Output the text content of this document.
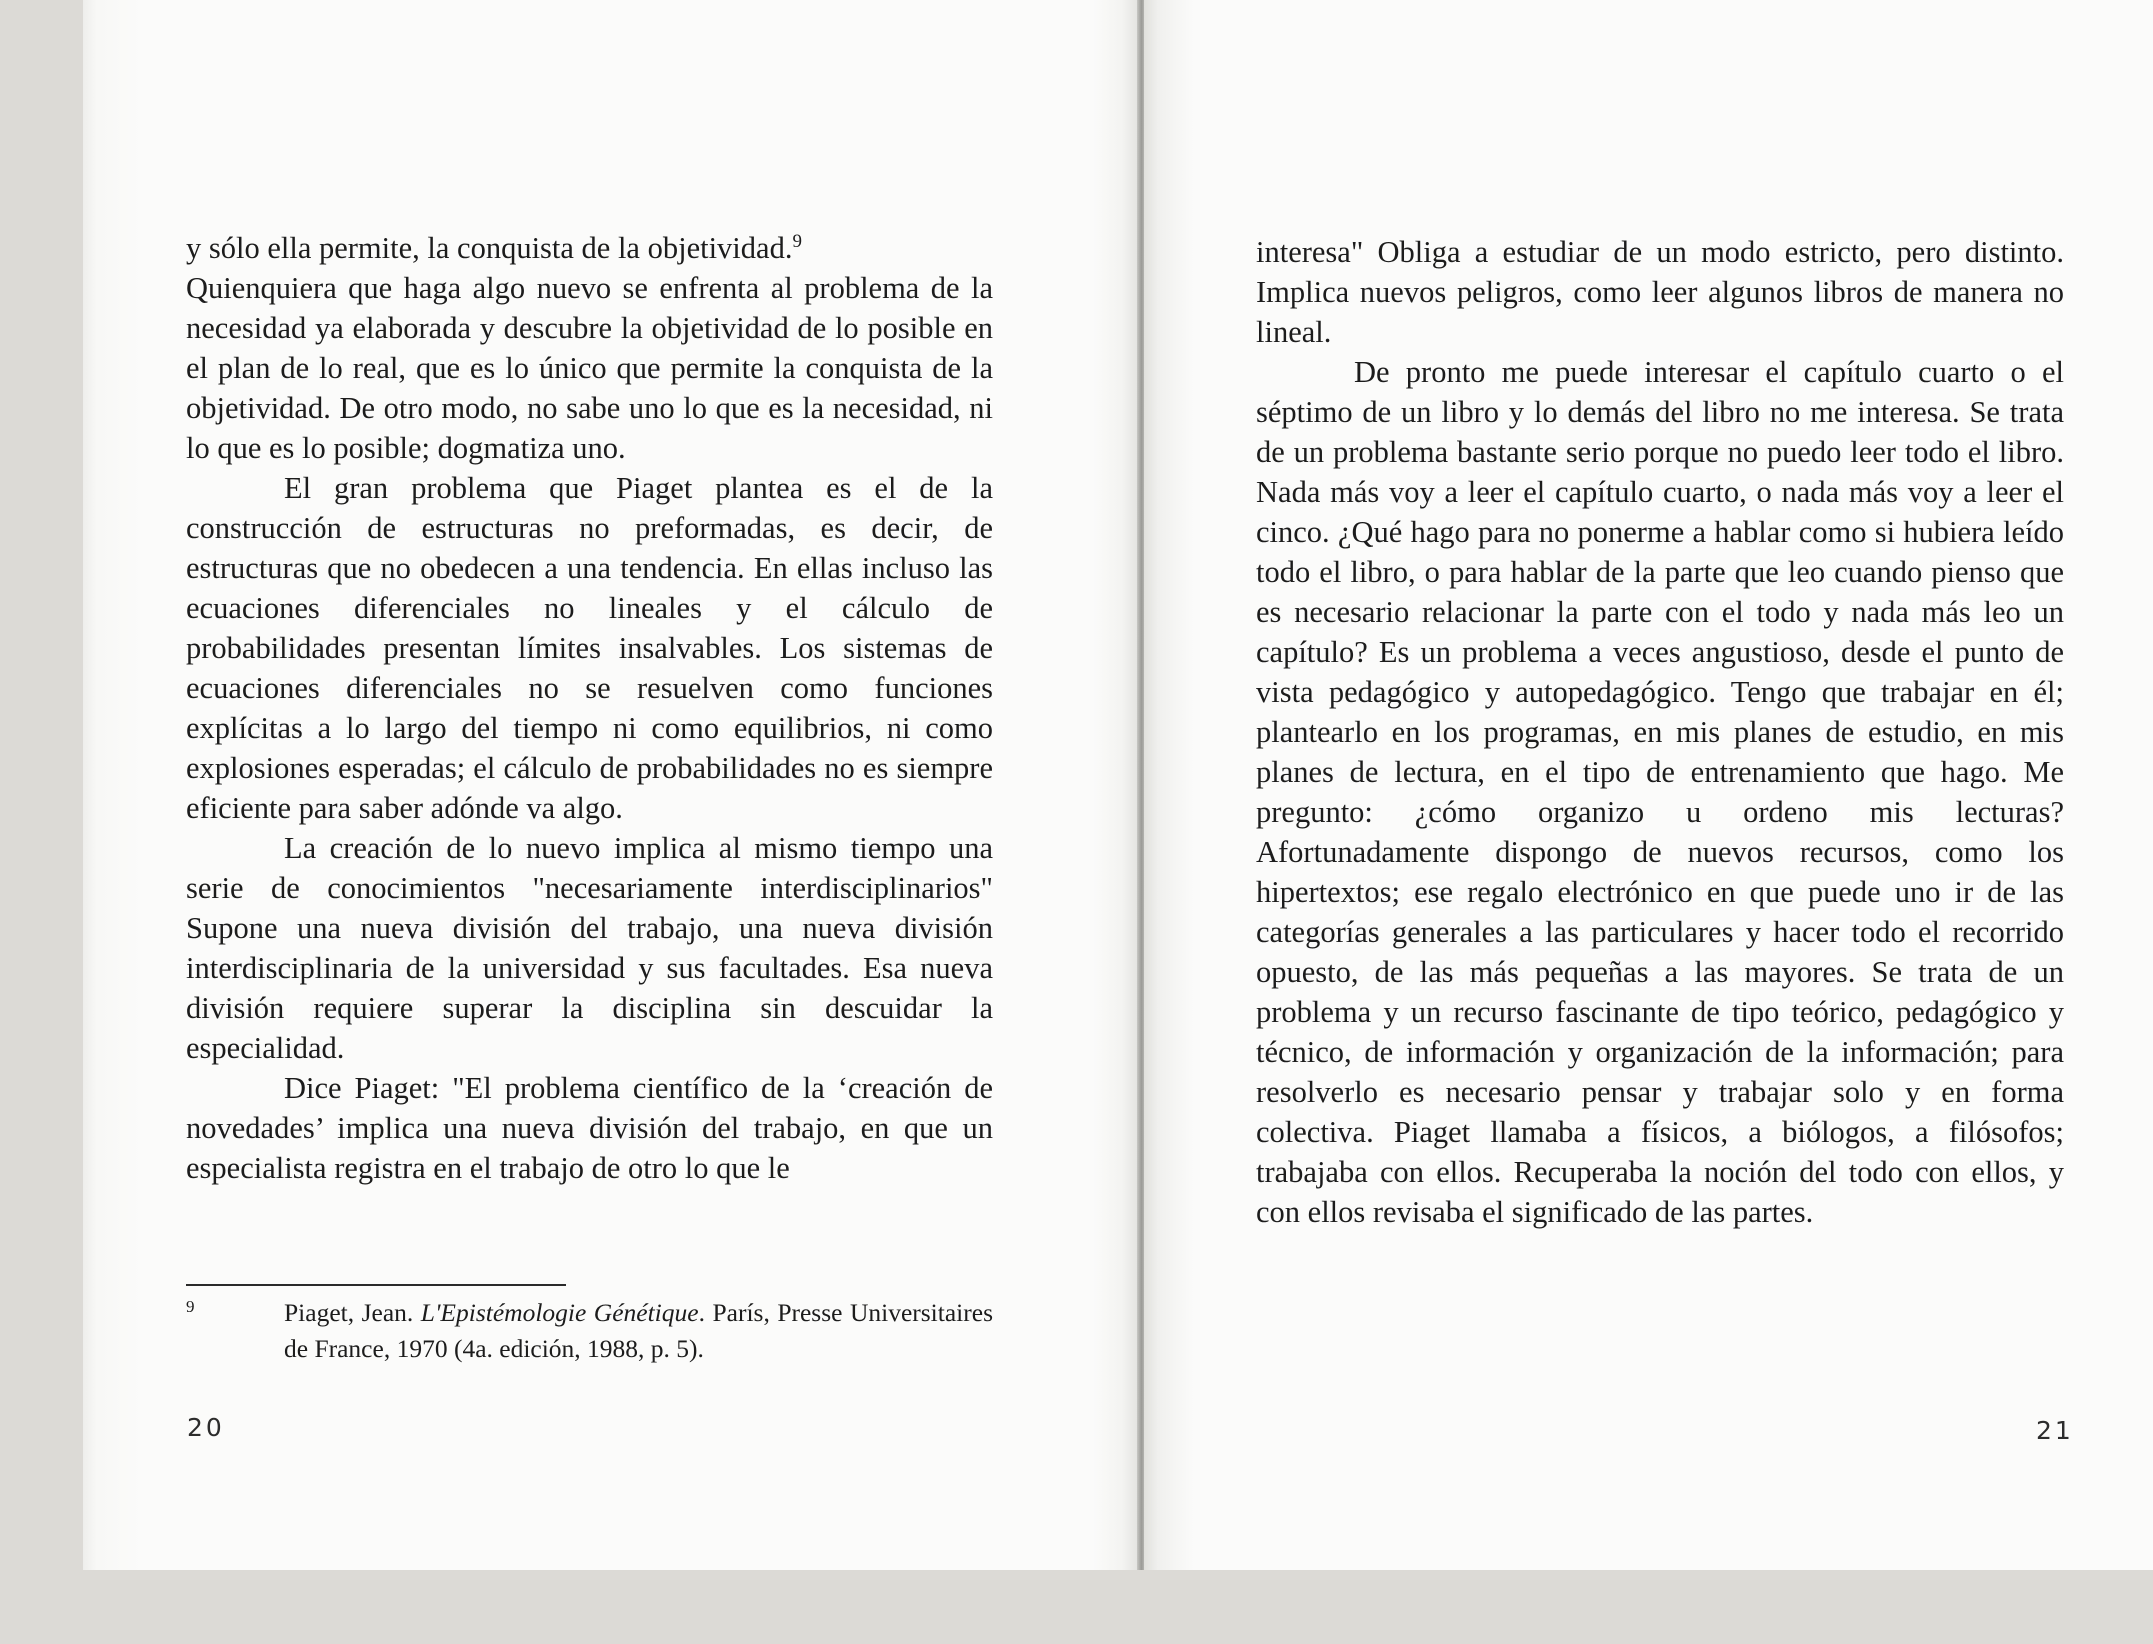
y sólo ella permite, la conquista de la objetividad.$^9$

Quienquiera que haga algo nuevo se enfrenta al problema de la necesidad ya elaborada y descubre la objetividad de lo posible en el plan de lo real, que es lo único que permite la conquista de la objetividad. De otro modo, no sabe uno lo que es la necesidad, ni lo que es lo posible; dogmatiza uno.

El gran problema que Piaget plantea es el de la construcción de estructuras no preformadas, es decir, de estructuras que no obedecen a una tendencia. En ellas incluso las ecuaciones diferenciales no lineales y el cálculo de probabilidades presentan límites insalvables. Los sistemas de ecuaciones diferenciales no se resuelven como funciones explícitas a lo largo del tiempo ni como equilibrios, ni como explosiones esperadas; el cálculo de probabilidades no es siempre eficiente para saber adónde va algo.

La creación de lo nuevo implica al mismo tiempo una serie de conocimientos "necesariamente interdisciplinarios" Supone una nueva división del trabajo, una nueva división interdisciplinaria de la universidad y sus facultades. Esa nueva división requiere superar la disciplina sin descuidar la especialidad.

Dice Piaget: "El problema científico de la ‘creación de novedades’ implica una nueva división del trabajo, en que un especialista registra en el trabajo de otro lo que le

9	Piaget, Jean. L'Epistémologie Génétique. París, Presse Universitaires de France, 1970 (4a. edición, 1988, p. 5).
20

interesa" Obliga a estudiar de un modo estricto, pero distinto. Implica nuevos peligros, como leer algunos libros de manera no lineal.

De pronto me puede interesar el capítulo cuarto o el séptimo de un libro y lo demás del libro no me interesa. Se trata de un problema bastante serio porque no puedo leer todo el libro. Nada más voy a leer el capítulo cuarto, o nada más voy a leer el cinco. ¿Qué hago para no ponerme a hablar como si hubiera leído todo el libro, o para hablar de la parte que leo cuando pienso que es necesario relacionar la parte con el todo y nada más leo un capítulo? Es un problema a veces angustioso, desde el punto de vista pedagógico y autopedagógico. Tengo que trabajar en él; plantearlo en los programas, en mis planes de estudio, en mis planes de lectura, en el tipo de entrenamiento que hago. Me pregunto: ¿cómo organizo u ordeno mis lecturas? Afortunadamente dispongo de nuevos recursos, como los hipertextos; ese regalo electrónico en que puede uno ir de las categorías generales a las particulares y hacer todo el recorrido opuesto, de las más pequeñas a las mayores. Se trata de un problema y un recurso fascinante de tipo teórico, pedagógico y técnico, de información y organización de la información; para resolverlo es necesario pensar y trabajar solo y en forma colectiva. Piaget llamaba a físicos, a biólogos, a filósofos; trabajaba con ellos. Recuperaba la noción del todo con ellos, y con ellos revisaba el significado de las partes.

21
